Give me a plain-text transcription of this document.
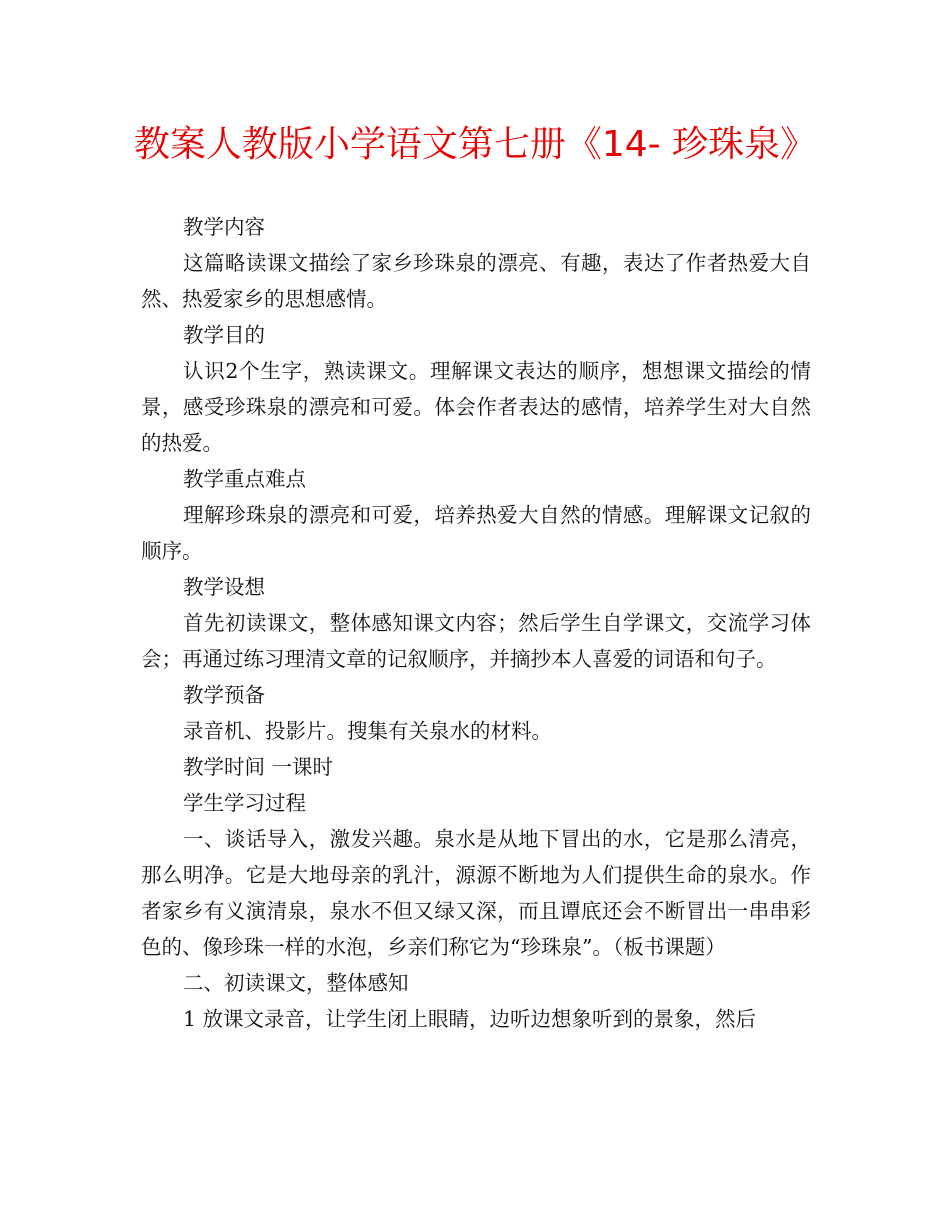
教案人教版小学语文第七册《14- 珍珠泉》

教学内容

这篇略读课文描绘了家乡珍珠泉的漂亮、有趣，表达了作者热爱大自然、热爱家乡的思想感情。

教学目的

认识2个生字，熟读课文。理解课文表达的顺序，想想课文描绘的情景，感受珍珠泉的漂亮和可爱。体会作者表达的感情，培养学生对大自然的热爱。

教学重点难点

理解珍珠泉的漂亮和可爱，培养热爱大自然的情感。理解课文记叙的顺序。

教学设想

首先初读课文，整体感知课文内容；然后学生自学课文，交流学习体会；再通过练习理清文章的记叙顺序，并摘抄本人喜爱的词语和句子。

教学预备

录音机、投影片。搜集有关泉水的材料。

教学时间 一课时

学生学习过程

一、谈话导入，激发兴趣。泉水是从地下冒出的水，它是那么清亮，那么明净。它是大地母亲的乳汁，源源不断地为人们提供生命的泉水。作者家乡有义演清泉，泉水不但又绿又深，而且谭底还会不断冒出一串串彩色的、像珍珠一样的水泡，乡亲们称它为“珍珠泉”。（板书课题）

二、初读课文，整体感知

1 放课文录音，让学生闭上眼睛，边听边想象听到的景象，然后
